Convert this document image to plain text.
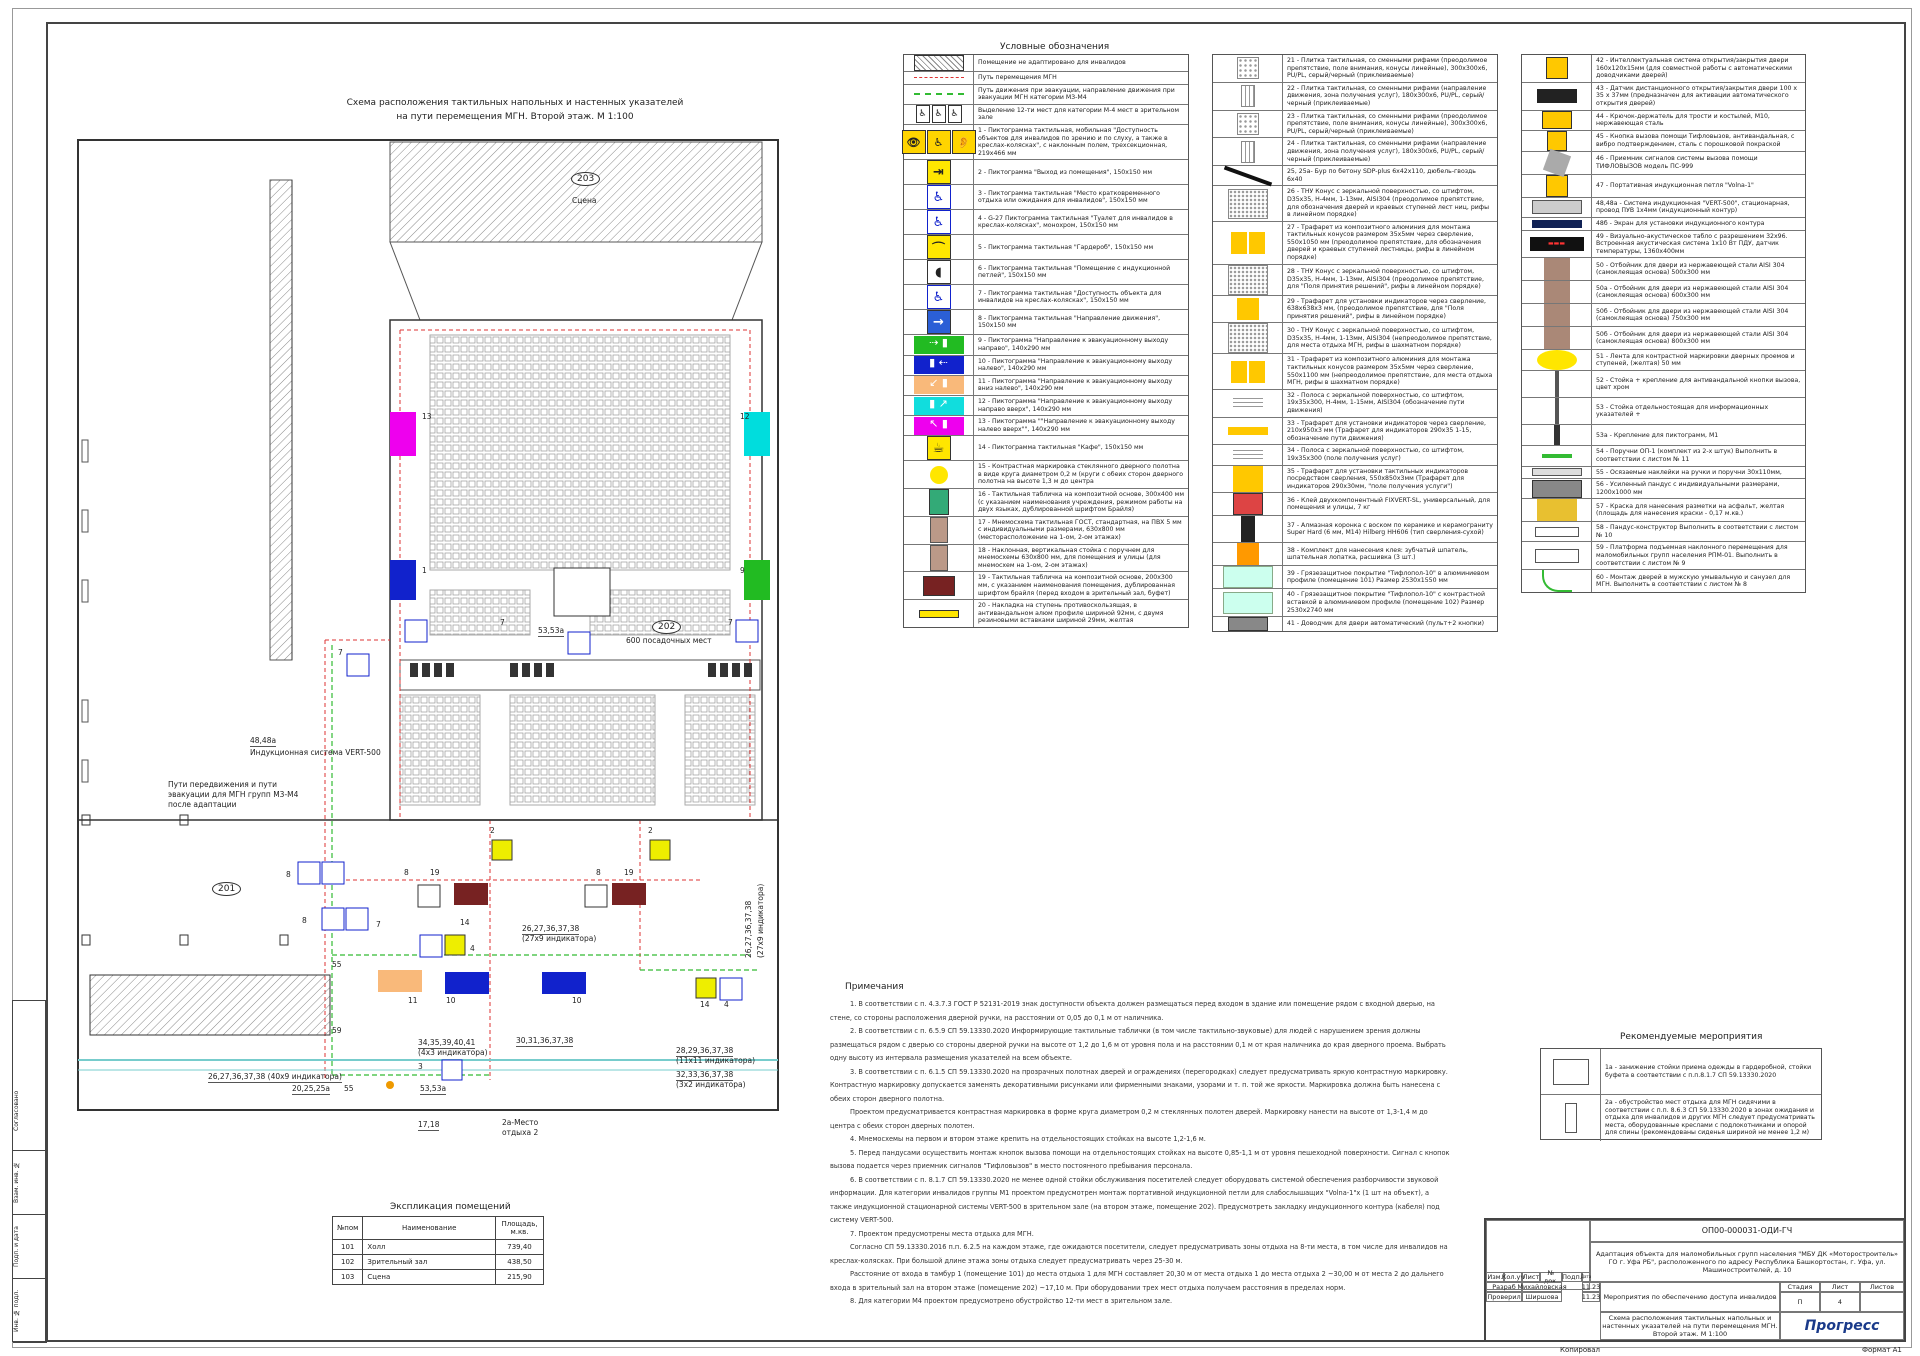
Согласовано
Взам. инв. №
Подп. и дата
Инв. № подл.
Схема расположения тактильных напольных и настенных указателей
на пути перемещения МГН. Второй этаж. М 1:100
203
Сцена
202
600 посадочных мест
201
48,48а
Индукционная система VERT-500
Пути передвижения и пути эвакуации для МГН групп М3-М4 после адаптации
53,53а
53,53а
26,27,36,37,38
(27х9 индикатора)	26,27,36,37,38 (27х9 индикатора)
26,27,36,37,38 (40х9 индикатора)
34,35,39,40,41
(4х3 индикатора)
30,31,36,37,38
28,29,36,37,38
(11х11 индикатора)
32,33,36,37,38
(3х2 индикатора)
20,25,25а
17,18	2а-Место отдыха 2
13	12
1	9
2	2
7
7	7
7
8
8
8	8
19	19
14
14
3
4
4
55
55
59
11	10	10
Условные обозначения
Помещение не адаптировано для инвалидов
Путь перемещения МГН
Путь движения при эвакуации, направление движения при эвакуации МГН категории М3-М4
♿ ♿ ♿	Выделение 12-ти мест для категории М-4 мест в зрительном зале
👁	♿	👂
1 - Пиктограмма тактильная, мобильная "Доступность объектов для инвалидов по зрению и по слуху, а также в креслах-колясках", с наклонным полем, трехсекционная, 219х466 мм
⇥	2 - Пиктограмма "Выход из помещения", 150х150 мм
♿	3 - Пиктограмма тактильная "Место кратковременного отдыха или ожидания для инвалидов", 150х150 мм
♿	4 - G-27 Пиктограмма тактильная "Туалет для инвалидов в креслах-колясках", монохром, 150х150 мм
⌒	5 - Пиктограмма тактильная "Гардероб", 150х150 мм
◖	6 - Пиктограмма тактильная "Помещение с индукционной петлей", 150х150 мм
♿	7 - Пиктограмма тактильная "Доступность объекта для инвалидов на креслах-колясках", 150х150 мм
→	8 - Пиктограмма тактильная "Направление движения", 150х150 мм
⇢ ▮	9 - Пиктограмма "Направление к эвакуационному выходу направо", 140х290 мм
▮ ⇠	10 - Пиктограмма "Направление к эвакуационному выходу налево", 140х290 мм
↙ ▮	11 - Пиктограмма "Направление к эвакуационному выходу вниз налево", 140х290 мм
▮ ↗	12 - Пиктограмма "Направление к эвакуационному выходу направо вверх", 140х290 мм
↖ ▮	13 - Пиктограмма ""Направление к эвакуационному выходу налево вверх"", 140х290 мм
☕	14 - Пиктограмма тактильная "Кафе", 150х150 мм
15 - Контрастная маркировка стеклянного дверного полотна в виде круга диаметром 0,2 м (круги с обеих сторон дверного полотна на высоте 1,3 м до центра
16 - Тактильная табличка на композитной основе, 300х400 мм (с указанием наименования учреждения, режимом работы на двух языках, дублированной шрифтом Брайля)
17 - Мнемосхема тактильная ГОСТ, стандартная, на ПВХ 5 мм с индивидуальными размерами, 630х800 мм (месторасположение на 1-ом, 2-ом этажах)
18 - Наклонная, вертикальная стойка с поручнем для мнемосхемы 630х800 мм, для помещения и улицы (для мнемосхем на 1-ом, 2-ом этажах)
19 - Тактильная табличка на композитной основе, 200х300 мм, с указанием наименования помещения, дублированная шрифтом брайля (перед входом в зрительный зал, буфет)
20 - Накладка на ступень противоскользящая, в антивандальном алюм профиле шириной 92мм, с двумя резиновыми вставками шириной 29мм, желтая
21 - Плитка тактильная, со сменными рифами (преодолимое препятствие, поле внимания, конусы линейные), 300х300х6, PU/PL, серый/черный (приклеиваемые)
22 - Плитка тактильная, со сменными рифами (направление движения, зона получения услуг), 180х300х6, PU/PL, серый/черный (приклеиваемые)
23 - Плитка тактильная, со сменными рифами (преодолимое препятствие, поле внимания, конусы линейные), 300х300х6, PU/PL, серый/черный (приклеиваемые)
24 - Плитка тактильная, со сменными рифами (направление движения, зона получения услуг), 180х300х6, PU/PL, серый/черный (приклеиваемые)
25, 25а- Бур по бетону SDP-plus 6х42х110, дюбель-гвоздь 6х40
26 - ТНУ Конус с зеркальной поверхностью, со штифтом, D35х35, H-4мм, 1-13мм, AISI304 (преодолимое препятствие, для обозначения дверей и краевых ступеней лест ниц, рифы в линейном порядке)
27 - Трафарет из композитного алюминия для монтажа тактильных конусов размером 35х5мм через сверление, 550х1050 мм (преодолимое препятствие, для обозначения дверей и краевых ступеней лестницы, рифы в линейном порядке)
28 - ТНУ Конус с зеркальной поверхностью, со штифтом, D35х35, H-4мм, 1-13мм, AISI304 (преодолимое препятствие, для "Поля принятия решений", рифы в линейном порядке)
29 - Трафарет для установки индикаторов через сверление, 638х638х3 мм, (преодолимое препятствие, для "Поля принятия решений", рифы в линейном порядке)
30 - ТНУ Конус с зеркальной поверхностью, со штифтом, D35х35, H-4мм, 1-13мм, AISI304 (непреодолимое препятствие, для места отдыха МГН, рифы в шахматном порядке)
31 - Трафарет из композитного алюминия для монтажа тактильных конусов размером 35х5мм через сверление, 550х1100 мм (непреодолимое препятствие, для места отдыха МГН, рифы в шахматном порядке)
32 - Полоса с зеркальной поверхностью, со штифтом, 19х35х300, H-4мм, 1-15мм, AISI304 (обозначение пути движения)
33 - Трафарет для установки индикаторов через сверление, 210х950х3 мм (Трафарет для индикаторов 290х35 1-15, обозначение пути движения)
34 - Полоса с зеркальной поверхностью, со штифтом, 19х35х300 (поле получения услуг)
35 - Трафарет для установки тактильных индикаторов посредством сверления, 550х850х3мм (Трафарет для индикаторов 290х30мм, "поле получения услуги")
36 - Клей двухкомпонентный FIXVERT-SL, универсальный, для помещения и улицы, 7 кг
37 - Алмазная коронка с воском по керамике и керамограниту Super Hard (6 мм, М14) Hilberg HH606 (тип сверления-сухой)
38 - Комплект для нанесения клея: зубчатый шпатель, шпательная лопатка, расшивка (3 шт.)
39 - Грязезащитное покрытие "Тифлопол-10" в алюминиевом профиле (помещение 101) Размер 2530х1550 мм
40 - Грязезащитное покрытие "Тифлопол-10" с контрастной вставкой в алюминиевом профиле (помещение 102) Размер 2530х2740 мм
41 - Доводчик для двери автоматический (пульт+2 кнопки)
42 - Интеллектуальная система открытия/закрытия двери 160х120х15мм (для совместной работы с автоматическими доводчиками дверей)
43 - Датчик дистанционного открытия/закрытия двери 100 х 35 х 37мм (предназначен для активации автоматического открытия дверей)
44 - Крючок-держатель для трости и костылей, М10, нержавеющая сталь
45 - Кнопка вызова помощи Тифловызов, антивандальная, с вибро подтверждением, сталь с порошковой покраской
46 - Приемник сигналов системы вызова помощи ТИФЛОВЫЗОВ модель ПС-999
47 - Портативная индукционная петля "Volna-1"
48,48а - Система индукционная "VERT-500", стационарная, провод ПУВ 1х4мм (индукционный контур)
48б - Экран для установки индукционного контура
▬▬▬
49 - Визуально-акустическое табло с разрешением 32х96. Встроенная акустическая система 1х10 Вт ПДУ, датчик температуры, 1360х400мм
50 - Отбойник для двери из нержавеющей стали AISI 304 (самоклеящая основа) 500х300 мм
50а - Отбойник для двери из нержавеющей стали AISI 304 (самоклеящая основа) 600х300 мм
50б - Отбойник для двери из нержавеющей стали AISI 304 (самоклеящая основа) 750х300 мм
50б - Отбойник для двери из нержавеющей стали AISI 304 (самоклеящая основа) 800х300 мм
51 - Лента для контрастной маркировки дверных проемов и ступеней, (желтая) 50 мм
52 - Стойка + крепление для антивандальной кнопки вызова, цвет хром
53 - Стойка отдельностоящая для информационных указателей +
53а - Крепление для пиктограмм, М1
54 - Поручни ОП-1 (комплект из 2-х штук) Выполнить в соответствии с листом № 11
55 - Осязаемые наклейки на ручки и поручни 30х110мм,
56 - Усиленный пандус с индивидуальными размерами, 1200х1000 мм
57 - Краска для нанесения разметки на асфальт, желтая (площадь для нанесения краски - 0,17 м.кв.)
58 - Пандус-конструктор Выполнить в соответствии с листом № 10
59 - Платформа подъемная наклонного перемещения для маломобильных групп населения РПМ-01. Выполнить в соответствии с листом № 9
60 - Монтаж дверей в мужскую умывальную и санузел для МГН. Выполнить в соответствии с листом № 8
Примечания
1. В соответствии с п. 4.3.7.3 ГОСТ Р 52131-2019 знак доступности объекта должен размещаться перед входом в здание или помещение рядом с входной дверью, на стене, со стороны расположения дверной ручки, на расстоянии от 0,05 до 0,1 м от наличника.
2. В соответствии с п. 6.5.9 СП 59.13330.2020 Информирующие тактильные таблички (в том числе тактильно-звуковые) для людей с нарушением зрения должны размещаться рядом с дверью со стороны дверной ручки на высоте от 1,2 до 1,6 м от уровня пола и на расстоянии 0,1 м от края наличника до края дверного проема. Выбрать одну высоту из интервала размещения указателей на всем объекте.
3. В соответствии с п. 6.1.5 СП 59.13330.2020 на прозрачных полотнах дверей и ограждениях (перегородках) следует предусматривать яркую контрастную маркировку. Контрастную маркировку допускается заменять декоративными рисунками или фирменными знаками, узорами и т. п. той же яркости. Маркировка должна быть нанесена с обеих сторон дверного полотна.
Проектом предусматривается контрастная маркировка в форме круга диаметром 0,2 м стеклянных полотен дверей. Маркировку нанести на высоте от 1,3-1,4 м до центра с обеих сторон дверных полотен.
4. Мнемосхемы на первом и втором этаже крепить на отдельностоящих стойках на высоте 1,2-1,6 м.
5. Перед пандусами осуществить монтаж кнопок вызова помощи на отдельностоящих стойках на высоте 0,85-1,1 м от уровня пешеходной поверхности. Сигнал с кнопок вызова подается через приемник сигналов "Тифловызов" в место постоянного пребывания персонала.
6. В соответствии с п. 8.1.7 СП 59.13330.2020 не менее одной стойки обслуживания посетителей следует оборудовать системой обеспечения разборчивости звуковой информации. Для категории инвалидов группы М1 проектом предусмотрен монтаж портативной индукционной петли для слабослышащих "Volna-1"х (1 шт на объект), а также индукционной стационарной системы VERT-500 в зрительном зале (на втором этаже, помещение 202). Предусмотреть закладку индукционного контура (кабеля) под систему VERT-500.
7. Проектом предусмотрены места отдыха для МГН.
Согласно СП 59.13330.2016 п.п. 6.2.5 на каждом этаже, где ожидаются посетители, следует предусматривать зоны отдыха на 8-ти места, в том числе для инвалидов на креслах-колясках. При большой длине этажа зоны отдыха следует предусматривать через 25-30 м.
Расстояние от входа в тамбур 1 (помещение 101) до места отдыха 1 для МГН составляет 20,30 м от места отдыха 1 до места отдыха 2 ~30,00 м от места 2 до дальнего входа в зрительный зал на втором этаже (помещение 202) ~17,10 м. При оборудовании трех мест отдыха получаем расстояния в пределах норм.
8. Для категории М4 проектом предусмотрено обустройство 12-ти мест в зрительном зале.
Рекомендуемые мероприятия
1а - занижение стойки приема одежды в гардеробной, стойки буфета в соответствии с п.п.8.1.7 СП 59.13330.2020
2а - обустройство мест отдыха для МГН сидячими в соответствии с п.п. 8.6.3 СП 59.13330.2020 в зонах ожидания и отдыха для инвалидов и других МГН следует предусматривать места, оборудованные креслами с подлокотниками и опорой для спины (рекомендованы сиденья шириной не менее 1,2 м)
Экспликация помещений
№пом	Наименование	Площадь, м.кв.
101	Холл	739,40
102	Зрительный зал	438,50
103	Сцена	215,90
ОП00-000031-ОДИ-ГЧ
Адаптация объекта для маломобильных групп населения "МБУ ДК «Моторостроитель» ГО г. Уфа РБ", расположенного по адресу Республика Башкортостан, г. Уфа, ул. Машиностроителей, д. 10
Изм. Кол.уч
Лист	№ док. Подп.
Дата
Разраб Михайловская 11.23
Проверил Ширшова	11.23 Мероприятия по обеспечению доступа инвалидов
Стадия	Лист	Листов
П	4
Схема расположения тактильных напольных и настенных указателей на пути перемещения МГН. Второй этаж. М 1:100	Прогресс
Копировал	Формат А1
